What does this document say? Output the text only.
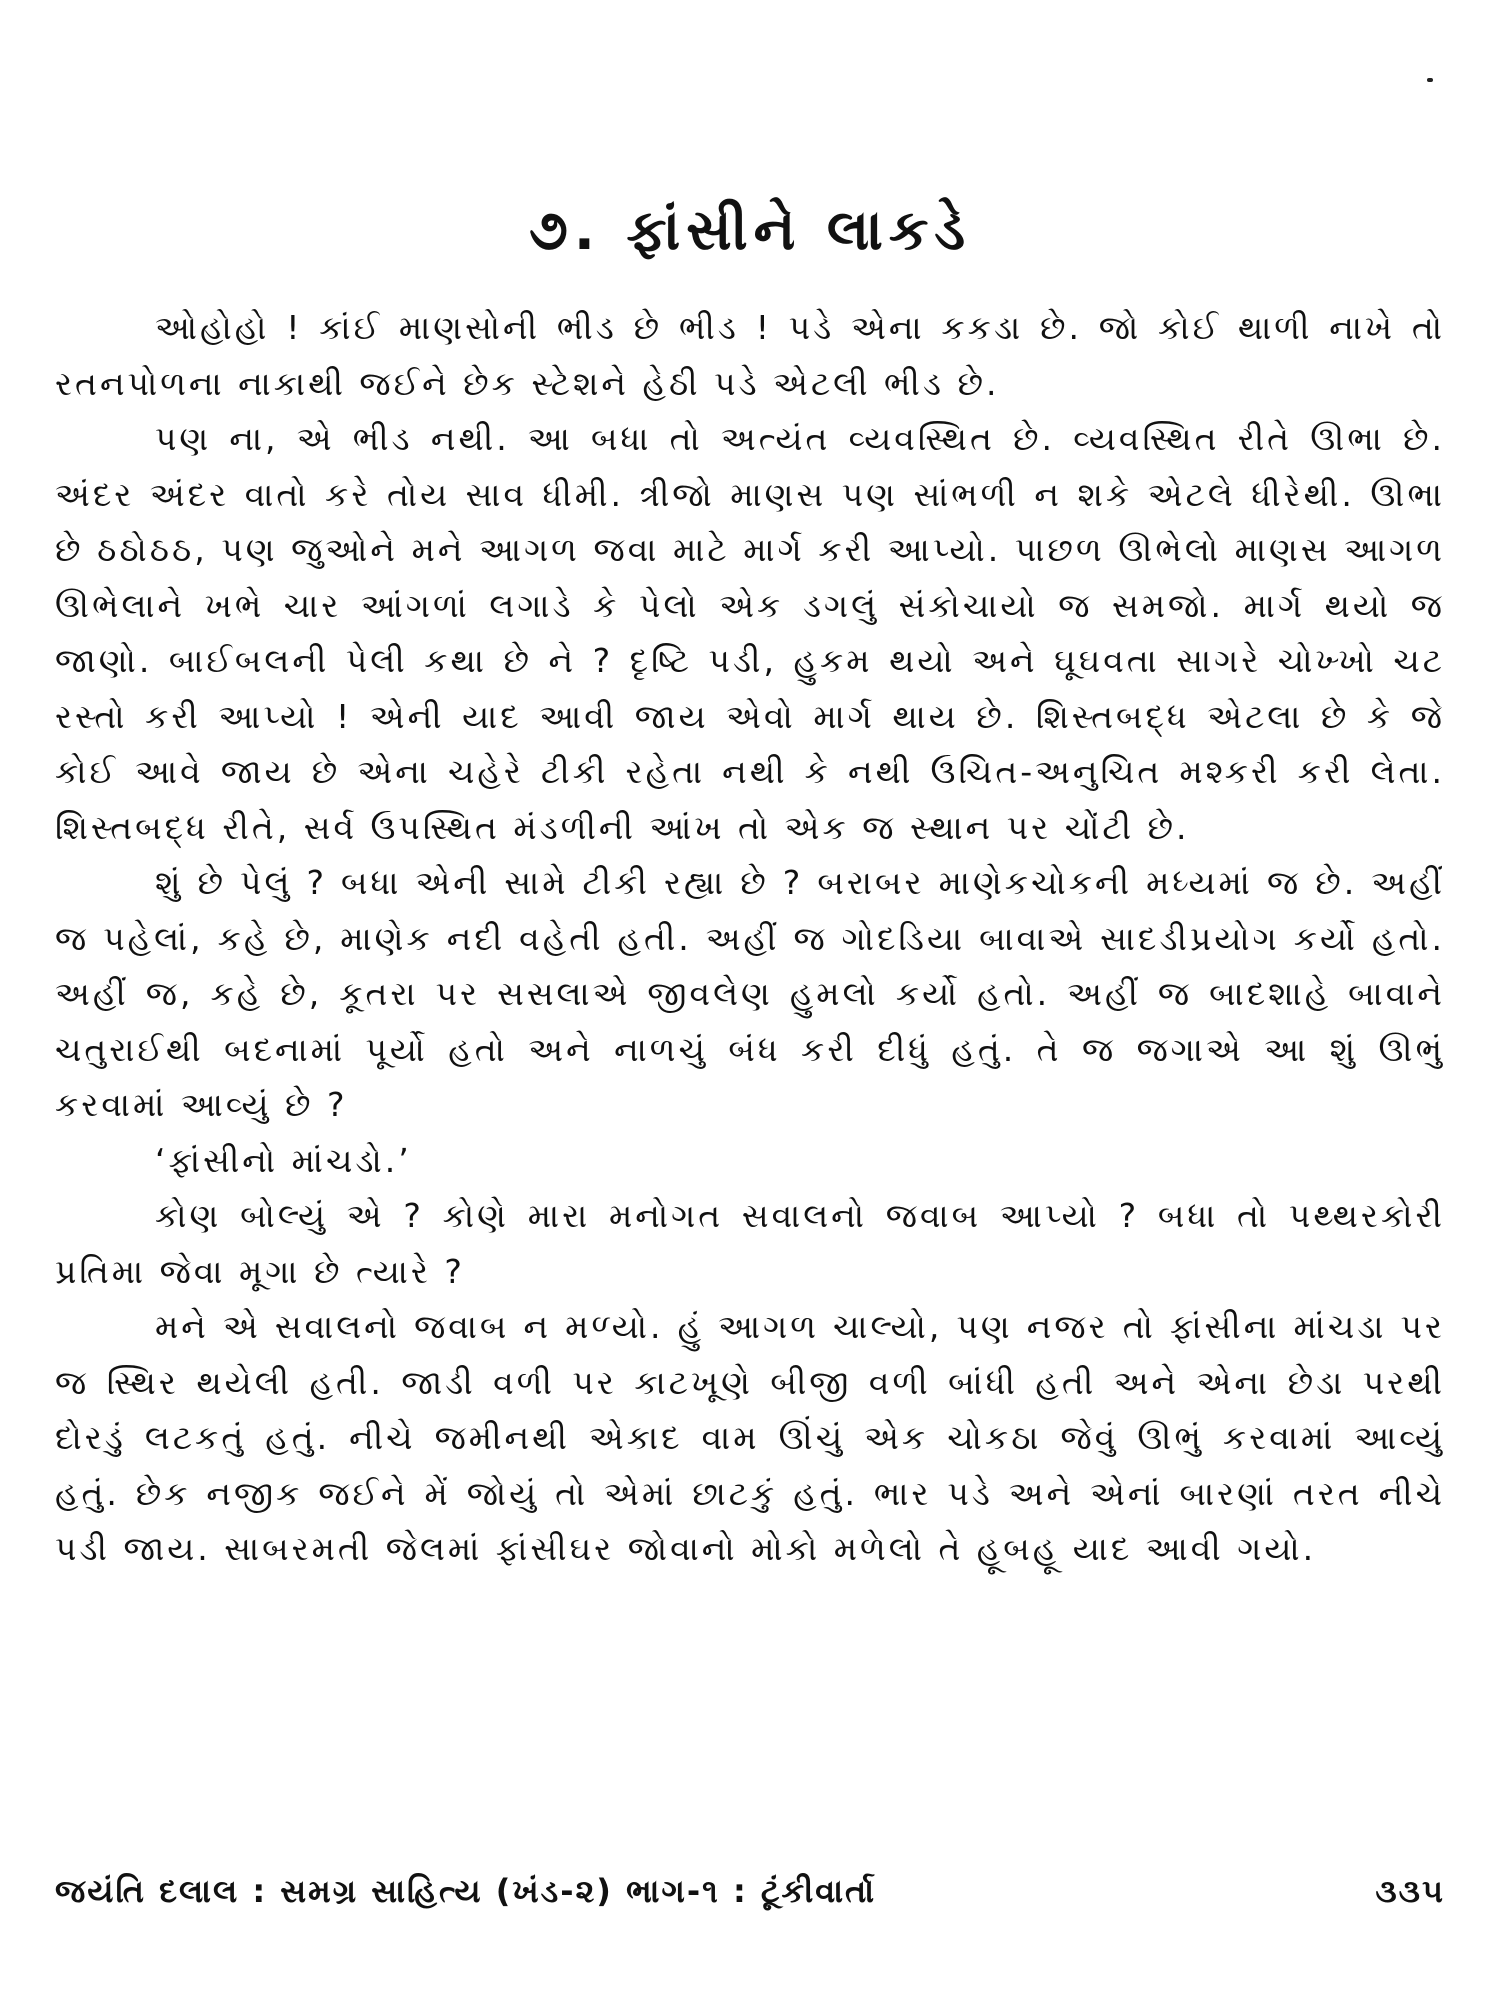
૭. ફાંસીને લાકડે

ઓહોહો ! કાંઈ માણસોની ભીડ છે ભીડ ! પડે એના કકડા છે. જો કોઈ થાળી નાખે તો રતનપોળના નાકાથી જઈને છેક સ્ટેશને હેઠી પડે એટલી ભીડ છે.

પણ ના, એ ભીડ નથી. આ બધા તો અત્યંત વ્યવસ્થિત છે. વ્યવસ્થિત રીતે ઊભા છે. અંદર અંદર વાતો કરે તોય સાવ ધીમી. ત્રીજો માણસ પણ સાંભળી ન શકે એટલે ધીરેથી. ઊભા છે ઠઠોઠઠ, પણ જુઓને મને આગળ જવા માટે માર્ગ કરી આપ્યો. પાછળ ઊભેલો માણસ આગળ ઊભેલાને ખભે ચાર આંગળાં લગાડે કે પેલો એક ડગલું સંકોચાયો જ સમજો. માર્ગ થયો જ જાણો. બાઈબલની પેલી કથા છે ને ? દૃષ્ટિ પડી, હુકમ થયો અને ઘૂઘવતા સાગરે ચોખ્ખો ચટ રસ્તો કરી આપ્યો ! એની યાદ આવી જાય એવો માર્ગ થાય છે. શિસ્તબદ્ધ એટલા છે કે જે કોઈ આવે જાય છે એના ચહેરે ટીકી રહેતા નથી કે નથી ઉચિત-અનુચિત મશ્કરી કરી લેતા. શિસ્તબદ્ધ રીતે, સર્વ ઉપસ્થિત મંડળીની આંખ તો એક જ સ્થાન પર ચોંટી છે.

શું છે પેલું ? બધા એની સામે ટીકી રહ્યા છે ? બરાબર માણેકચોકની મધ્યમાં જ છે. અહીં જ પહેલાં, કહે છે, માણેક નદી વહેતી હતી. અહીં જ ગોદડિયા બાવાએ સાદડીપ્રયોગ કર્યો હતો. અહીં જ, કહે છે, કૂતરા પર સસલાએ જીવલેણ હુમલો કર્યો હતો. અહીં જ બાદશાહે બાવાને ચતુરાઈથી બદનામાં પૂર્યો હતો અને નાળચું બંધ કરી દીધું હતું. તે જ જગાએ આ શું ઊભું કરવામાં આવ્યું છે ?

‘ફાંસીનો માંચડો.’

કોણ બોલ્યું એ ? કોણે મારા મનોગત સવાલનો જવાબ આપ્યો ? બધા તો પથ્થરકોરી પ્રતિમા જેવા મૂગા છે ત્યારે ?

મને એ સવાલનો જવાબ ન મળ્યો. હું આગળ ચાલ્યો, પણ નજર તો ફાંસીના માંચડા પર જ સ્થિર થયેલી હતી. જાડી વળી પર કાટખૂણે બીજી વળી બાંધી હતી અને એના છેડા પરથી દોરડું લટકતું હતું. નીચે જમીનથી એકાદ વામ ઊંચું એક ચોકઠા જેવું ઊભું કરવામાં આવ્યું હતું. છેક નજીક જઈને મેં જોયું તો એમાં છાટકું હતું. ભાર પડે અને એનાં બારણાં તરત નીચે પડી જાય. સાબરમતી જેલમાં ફાંસીઘર જોવાનો મોકો મળેલો તે હૂબહૂ યાદ આવી ગયો.

જયંતિ દલાલ : સમગ્ર સાહિત્ય (ખંડ-૨) ભાગ-૧ : ટૂંકીવાર્તા	૩૩૫
